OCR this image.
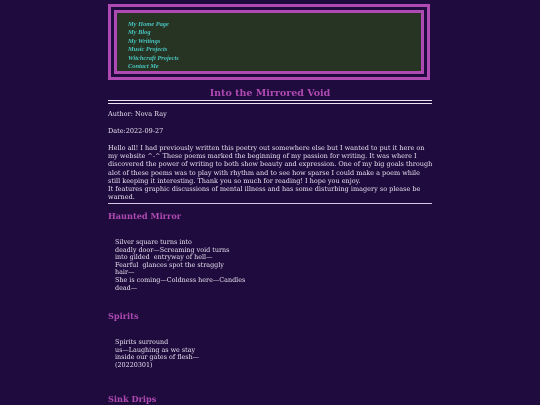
My Home Page
My Blog
My Writings
Music Projects
Witchcraft Projects
Contact Me
Into the Mirrored Void

Author: Nova Ray

Date:2022-09-27

Hello all! I had previously written this poetry out somewhere else but I wanted to put it here on my website ^-^ These poems marked the beginning of my passion for writing. It was where I discovered the power of writing to both show beauty and expression. One of my big goals through alot of these poems was to play with rhythm and to see how sparse I could make a poem while still keeping it interesting. Thank you so much for reading! I hope you enjoy.

It features graphic discussions of mental illness and has some disturbing imagery so please be warned.

Haunted Mirror
Silver square turns into
deadly door—Screaming void turns
into gilded  entryway of hell—
Fearful  glances spot the straggly
hair—
She is coming—Coldness here—Candles
dead—
Spirits
Spirits surround
us—Laughing as we stay
inside our gates of flesh—
(20220301)
Sink Drips
